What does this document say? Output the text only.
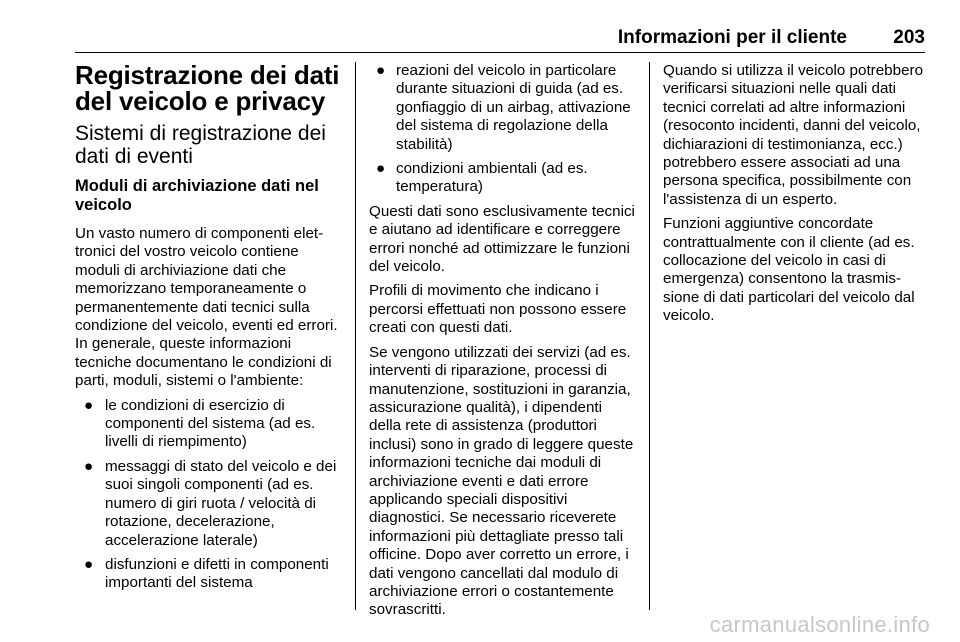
Informazioni per il cliente 203
Registrazione dei dati del veicolo e privacy
Sistemi di registrazione dei dati di eventi
Moduli di archiviazione dati nel veicolo

Un vasto numero di componenti elettronici del vostro veicolo contiene moduli di archiviazione dati che memorizzano temporaneamente o permanentemente dati tecnici sulla condizione del veicolo, eventi ed errori. In generale, queste informazioni tecniche documentano le condizioni di parti, moduli, sistemi o l'ambiente:

● le condizioni di esercizio di componenti del sistema (ad es. livelli di riempimento)
● messaggi di stato del veicolo e dei suoi singoli componenti (ad es. numero di giri ruota / velocità di rotazione, decelerazione, accelerazione laterale)
● disfunzioni e difetti in componenti importanti del sistema
● reazioni del veicolo in particolare durante situazioni di guida (ad es. gonfiaggio di un airbag, attivazione del sistema di regolazione della stabilità)
● condizioni ambientali (ad es. temperatura)

Questi dati sono esclusivamente tecnici e aiutano ad identificare e correggere errori nonché ad ottimizzare le funzioni del veicolo.

Profili di movimento che indicano i percorsi effettuati non possono essere creati con questi dati.

Se vengono utilizzati dei servizi (ad es. interventi di riparazione, processi di manutenzione, sostituzioni in garanzia, assicurazione qualità), i dipendenti della rete di assistenza (produttori inclusi) sono in grado di leggere queste informazioni tecniche dai moduli di archiviazione eventi e dati errore applicando speciali dispositivi diagnostici. Se necessario riceverete informazioni più dettagliate presso tali officine. Dopo aver corretto un errore, i dati vengono cancellati dal modulo di archiviazione errori o costantemente sovrascritti.

Quando si utilizza il veicolo potrebbero verificarsi situazioni nelle quali dati tecnici correlati ad altre informazioni (resoconto incidenti, danni del veicolo, dichiarazioni di testimonianza, ecc.) potrebbero essere associati ad una persona specifica, possibilmente con l'assistenza di un esperto.

Funzioni aggiuntive concordate contrattualmente con il cliente (ad es. collocazione del veicolo in casi di emergenza) consentono la trasmissione di dati particolari del veicolo dal veicolo.

carmanualsonline.info
